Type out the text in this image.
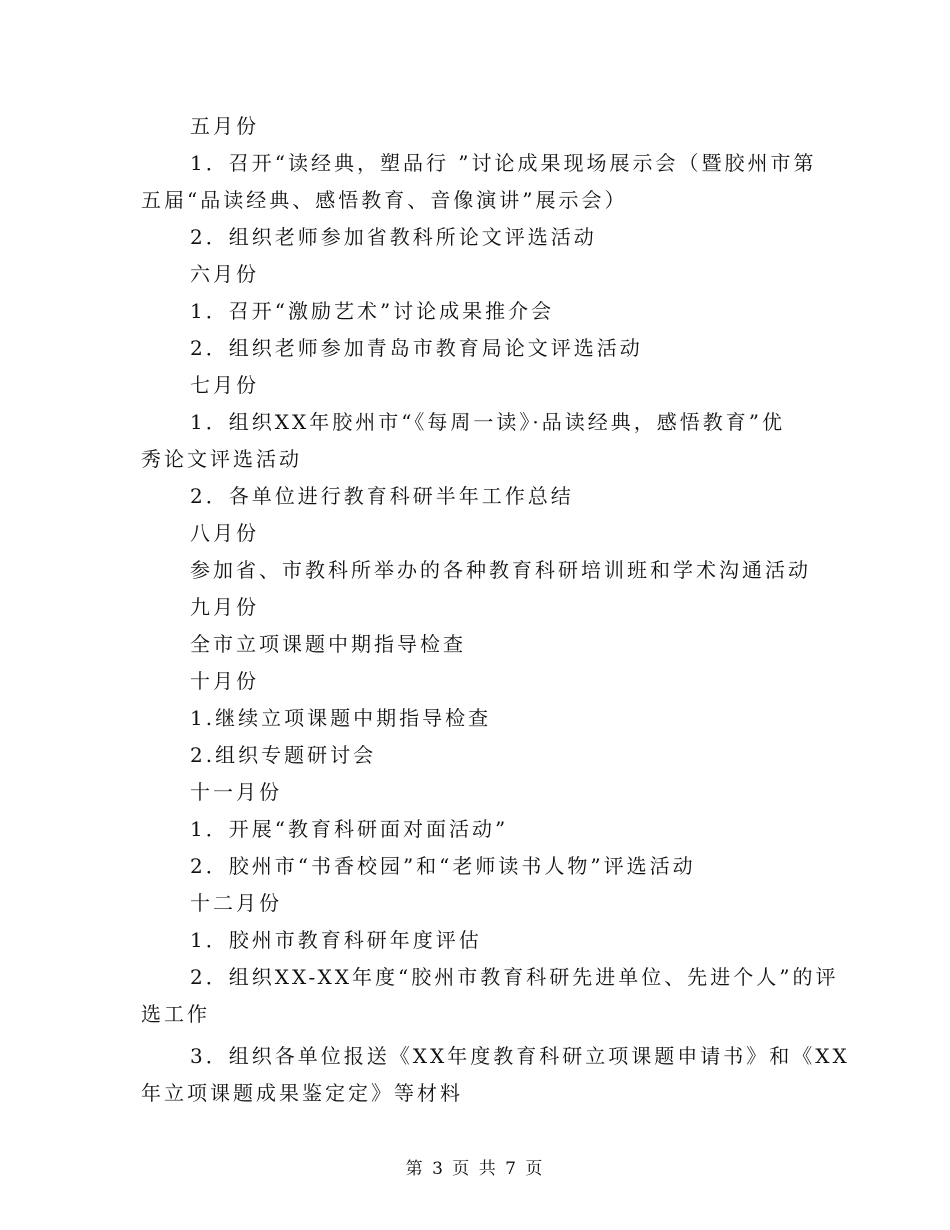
五月份
1．召开“读经典，塑品行 ”讨论成果现场展示会（暨胶州市第
五届“品读经典、感悟教育、音像演讲”展示会）
2．组织老师参加省教科所论文评选活动
六月份
1．召开“激励艺术”讨论成果推介会
2．组织老师参加青岛市教育局论文评选活动
七月份
1．组织XX年胶州市“《每周一读》·品读经典，感悟教育”优
秀论文评选活动
2．各单位进行教育科研半年工作总结
八月份
参加省、市教科所举办的各种教育科研培训班和学术沟通活动
九月份
全市立项课题中期指导检查
十月份
1.继续立项课题中期指导检查
2.组织专题研讨会
十一月份
1．开展“教育科研面对面活动”
2．胶州市“书香校园”和“老师读书人物”评选活动
十二月份
1．胶州市教育科研年度评估
2．组织XX-XX年度“胶州市教育科研先进单位、先进个人”的评
选工作
3．组织各单位报送《XX年度教育科研立项课题申请书》和《XX
年立项课题成果鉴定定》等材料
第 3 页 共 7 页
